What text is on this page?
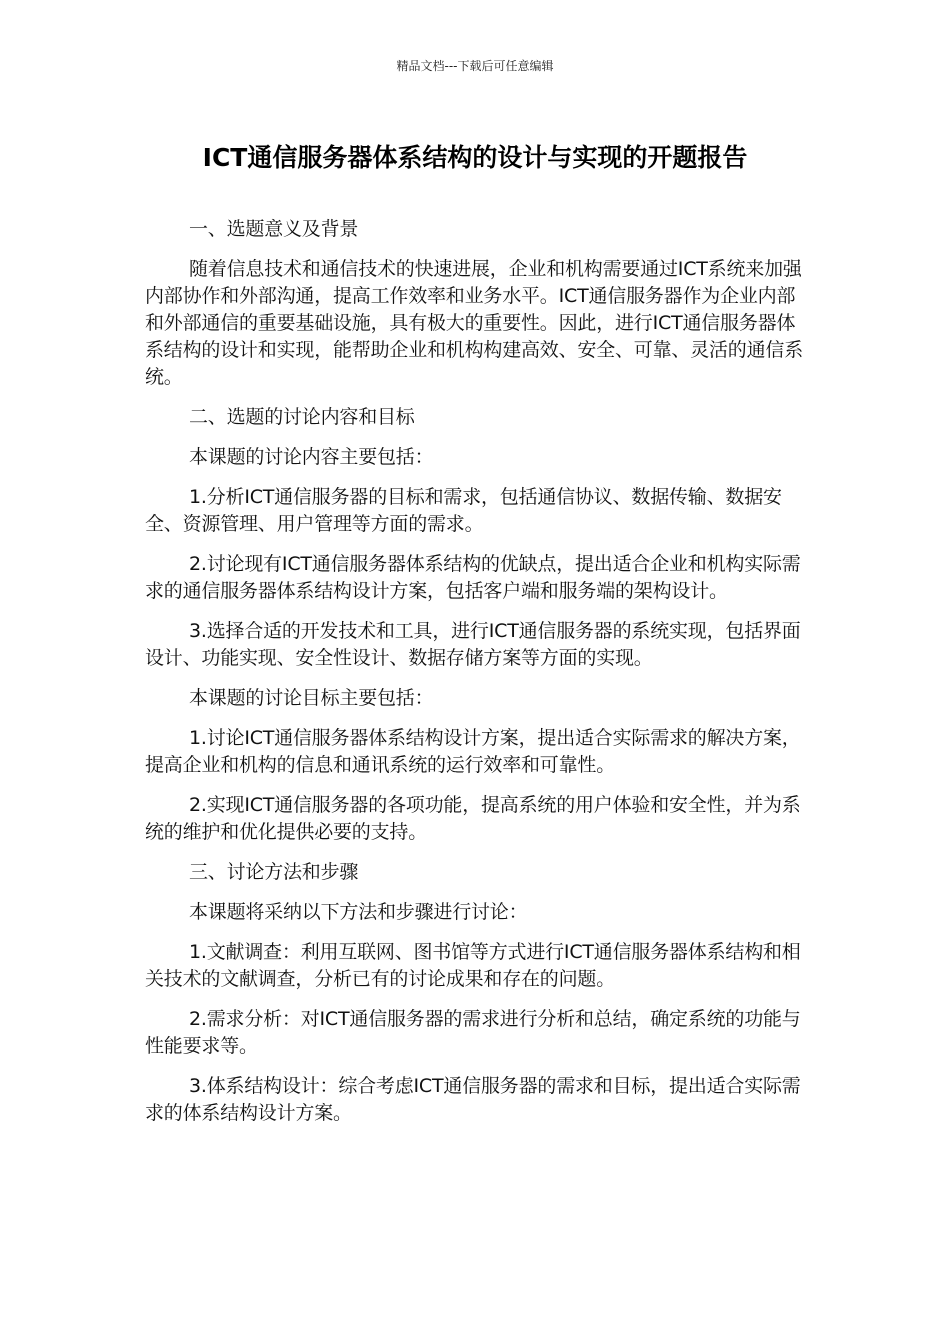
精品文档---下载后可任意编辑
ICT通信服务器体系结构的设计与实现的开题报告

一、选题意义及背景

随着信息技术和通信技术的快速进展，企业和机构需要通过ICT系统来加强内部协作和外部沟通，提高工作效率和业务水平。ICT通信服务器作为企业内部和外部通信的重要基础设施，具有极大的重要性。因此，进行ICT通信服务器体系结构的设计和实现，能帮助企业和机构构建高效、安全、可靠、灵活的通信系统。

二、选题的讨论内容和目标

本课题的讨论内容主要包括：

1.分析ICT通信服务器的目标和需求，包括通信协议、数据传输、数据安全、资源管理、用户管理等方面的需求。

2.讨论现有ICT通信服务器体系结构的优缺点，提出适合企业和机构实际需求的通信服务器体系结构设计方案，包括客户端和服务端的架构设计。

3.选择合适的开发技术和工具，进行ICT通信服务器的系统实现，包括界面设计、功能实现、安全性设计、数据存储方案等方面的实现。

本课题的讨论目标主要包括：

1.讨论ICT通信服务器体系结构设计方案，提出适合实际需求的解决方案，提高企业和机构的信息和通讯系统的运行效率和可靠性。

2.实现ICT通信服务器的各项功能，提高系统的用户体验和安全性，并为系统的维护和优化提供必要的支持。

三、讨论方法和步骤

本课题将采纳以下方法和步骤进行讨论：

1.文献调查：利用互联网、图书馆等方式进行ICT通信服务器体系结构和相关技术的文献调查，分析已有的讨论成果和存在的问题。

2.需求分析：对ICT通信服务器的需求进行分析和总结，确定系统的功能与性能要求等。

3.体系结构设计：综合考虑ICT通信服务器的需求和目标，提出适合实际需求的体系结构设计方案。
